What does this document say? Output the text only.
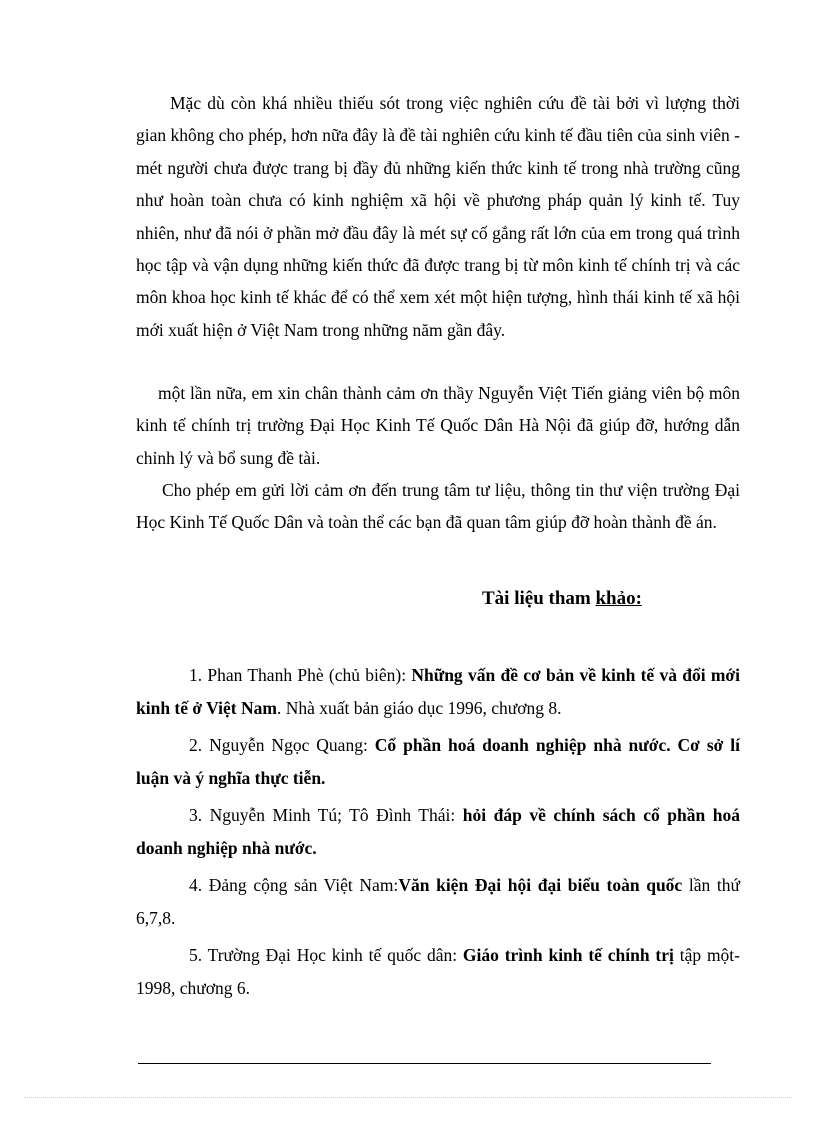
Mặc dù còn khá nhiều thiếu sót trong việc nghiên cứu đề tài bởi vì lượng thời gian không cho phép, hơn nữa đây là đề tài nghiên cứu kinh tế đầu tiên của sinh viên - mét người chưa được trang bị đầy đủ những kiến thức kinh tế trong nhà trường cũng như hoàn toàn chưa có kinh nghiệm xã hội về phương pháp quản lý kinh tế. Tuy nhiên, như đã nói ở phần mở đầu đây là mét sự cố gắng rất lớn của em trong quá trình học tập và vận dụng những kiến thức đã được trang bị từ môn kinh tế chính trị và các môn khoa học kinh tế khác để có thể xem xét một hiện tượng, hình thái kinh tế xã hội mới xuất hiện ở Việt Nam trong những năm gần đây.

một lần nữa, em xin chân thành cảm ơn thầy Nguyễn Việt Tiến giảng viên bộ môn kinh tế chính trị trường Đại Học Kinh Tế Quốc Dân Hà Nội đã giúp đỡ, hướng dẫn chỉnh lý và bổ sung đề tài.

Cho phép em gửi lời cảm ơn đến trung tâm tư liệu, thông tin thư viện trường Đại Học Kinh Tế Quốc Dân và toàn thể các bạn đã quan tâm giúp đỡ hoàn thành đề án.

Tài liệu tham khảo:

1. Phan Thanh Phè (chủ biên): Những vấn đề cơ bản về kinh tế và đổi mới kinh tế ở Việt Nam. Nhà xuất bản giáo dục 1996, chương 8.

2. Nguyễn Ngọc Quang: Cổ phần hoá doanh nghiệp nhà nước. Cơ sở lí luận và ý nghĩa thực tiễn.

3. Nguyễn Minh Tú; Tô Đình Thái: hỏi đáp về chính sách cổ phần hoá doanh nghiệp nhà nước.

4. Đảng cộng sản Việt Nam:Văn kiện Đại hội đại biểu toàn quốc lần thứ 6,7,8.

5. Trường Đại Học kinh tế quốc dân: Giáo trình kinh tế chính trị tập một-1998, chương 6.
